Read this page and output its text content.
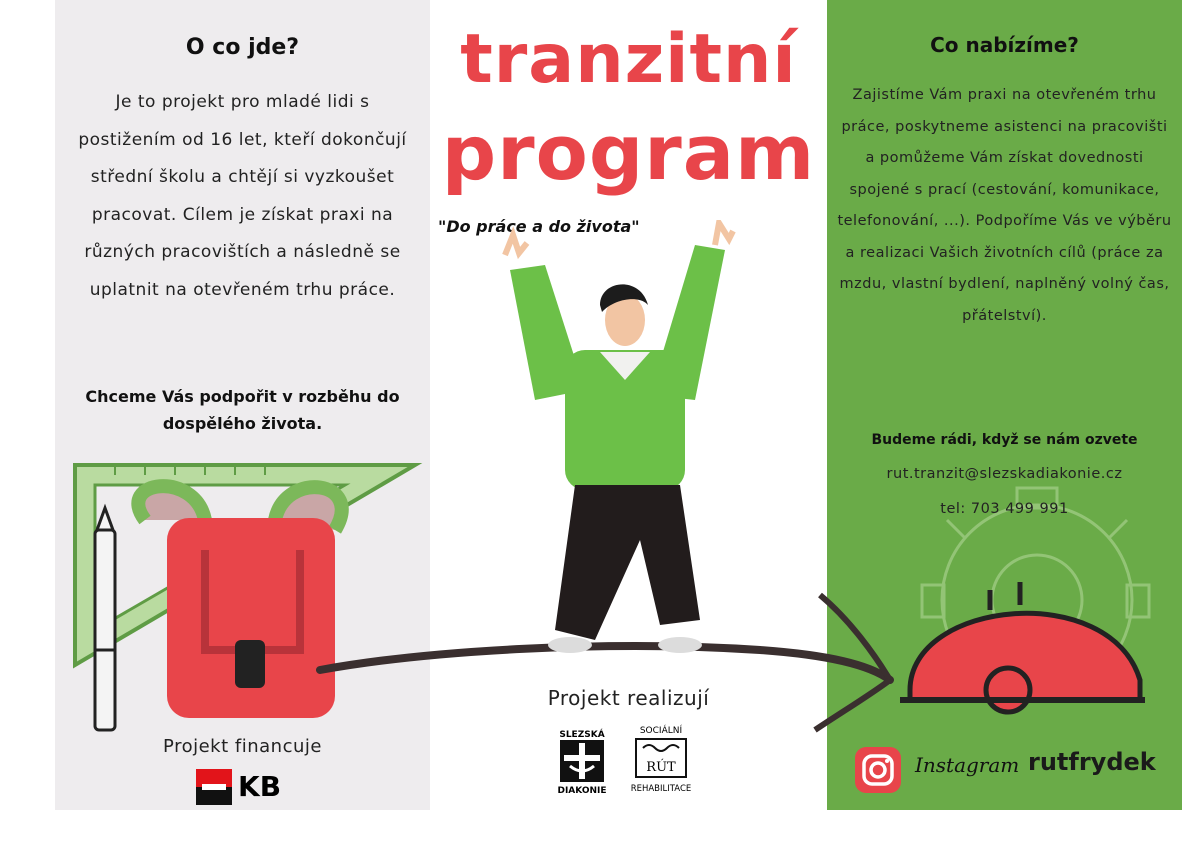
O co jde?
Je to projekt pro mladé lidi s postižením od 16 let, kteří dokončují střední školu a chtějí si vyzkoušet pracovat. Cílem je získat praxi na různých pracovištích a následně se uplatnit na otevřeném trhu práce.
Chceme Vás podpořit v rozběhu do dospělého života.
Co nabízíme?
Zajistíme Vám praxi na otevřeném trhu práce, poskytneme asistenci na pracovišti a pomůžeme Vám získat dovednosti spojené s prací (cestování, komunikace, telefonování, ...). Podpoříme Vás ve výběru a realizaci Vašich životních cílů (práce za mzdu, vlastní bydlení, naplněný volný čas, přátelství).
Budeme rádi, když se nám ozvete
rut.tranzit@slezskadiakonie.cz
tel: 703 499 991
tranzitní
program
"Do práce a do života"
Projekt financuje
KB
Projekt realizují
SLEZSKÁ
DIAKONIE
SOCIÁLNÍ
RÚT
REHABILITACE
Instagram rutfrydek
